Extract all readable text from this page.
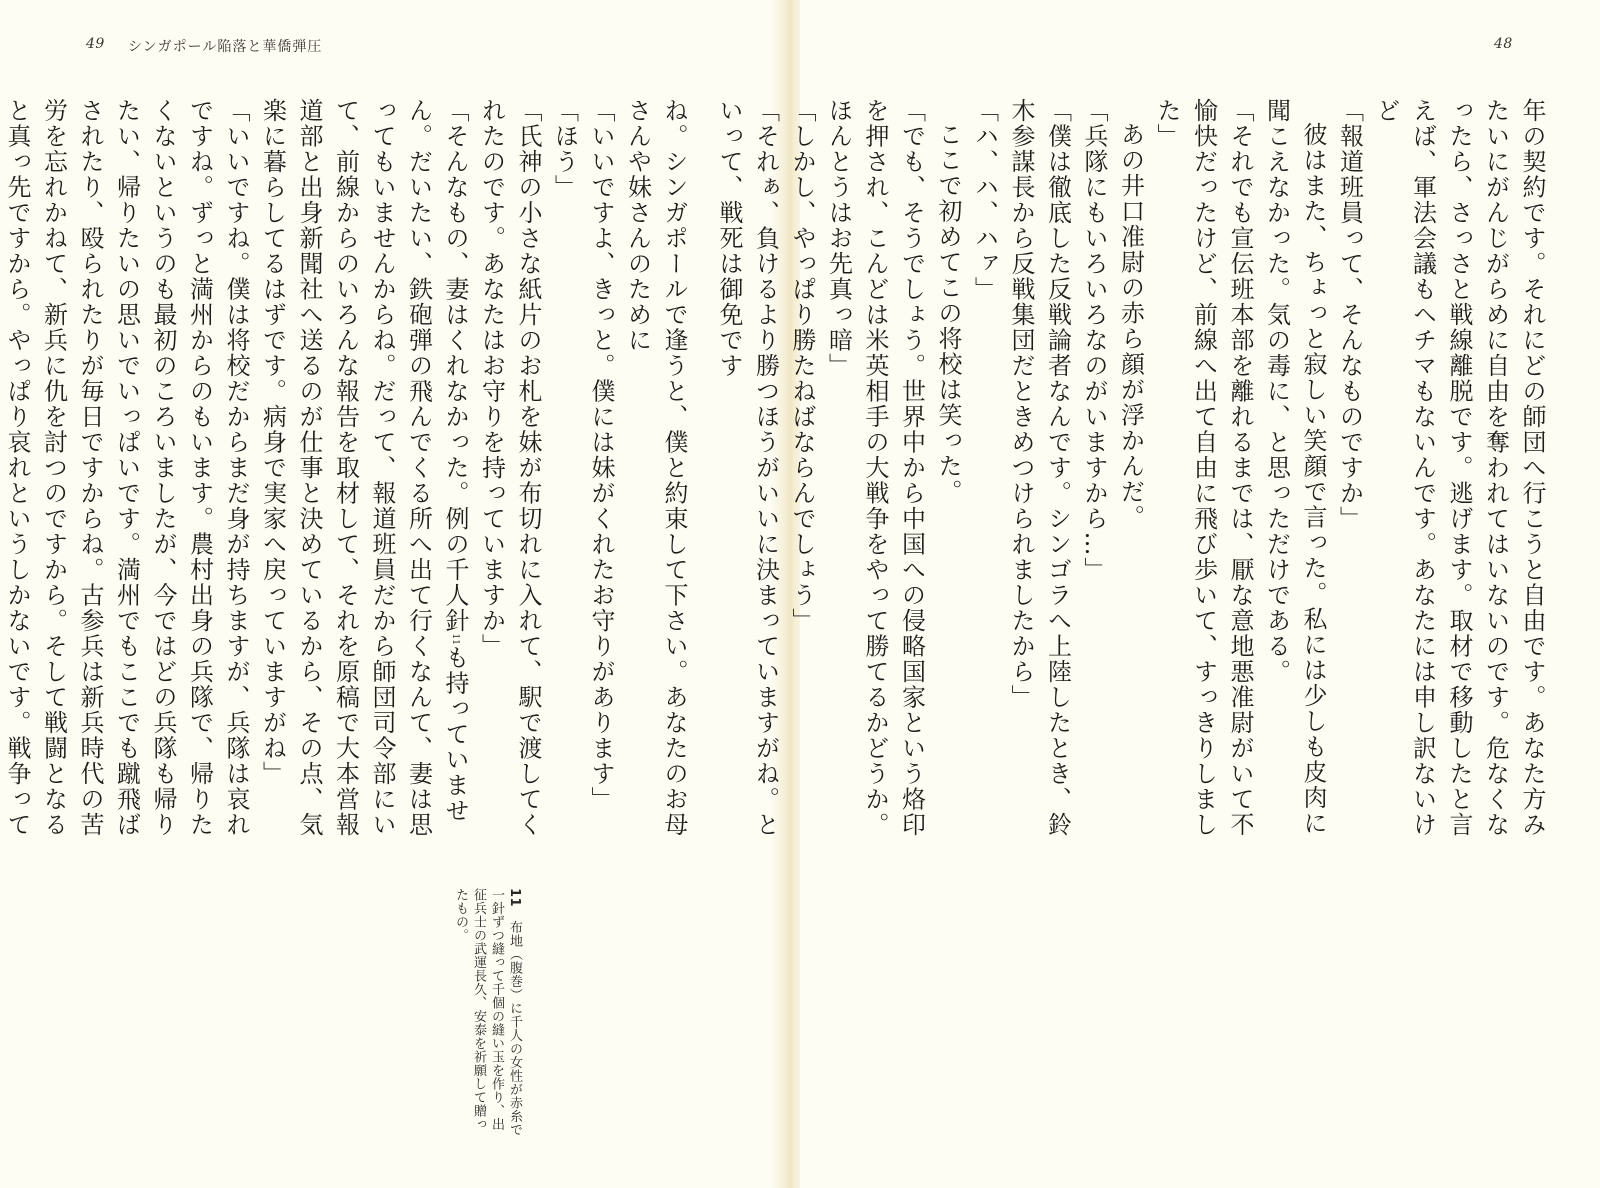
49 シンガポール陥落と華僑弾圧

ね。シンガポールで逢うと、僕と約束して下さい。あなたのお母さんや妹さんのために

「いいですよ、きっと。僕には妹がくれたお守りがあります」

「ほう」

「氏神の小さな紙片のお札を妹が布切れに入れて、駅で渡してくれたのです。あなたはお守りを持っていますか」

「そんなもの、妻はくれなかった。例の千人針11も持っていません。だいたい、鉄砲弾の飛んでくる所へ出て行くなんて、妻は思ってもいませんからね。だって、報道班員だから師団司令部にいて、前線からのいろんな報告を取材して、それを原稿で大本営報道部と出身新聞社へ送るのが仕事と決めているから、その点、気楽に暮らしてるはずです。病身で実家へ戻っていますがね」

「いいですね。僕は将校だからまだ身が持ちますが、兵隊は哀れですね。ずっと満州からのもいます。農村出身の兵隊で、帰りたくないというのも最初のころいましたが、今ではどの兵隊も帰りたい、帰りたいの思いでいっぱいです。満州でもここでも蹴飛ばされたり、殴られたりが毎日ですからね。古参兵は新兵時代の苦労を忘れかねて、新兵に仇を討つのですから。そして戦闘となると真っ先ですから。やっぱり哀れというしかないです。戦争って

11　布地（腹巻）に千人の女性が赤糸で一針ずつ縫って千個の縫い玉を作り、出征兵士の武運長久、安泰を祈願して贈ったもの。
48

年の契約です。それにどの師団へ行こうと自由です。あなた方みたいにがんじがらめに自由を奪われてはいないのです。危なくなったら、さっさと戦線離脱です。逃げます。取材で移動したと言えば、軍法会議もヘチマもないんです。あなたには申し訳ないけど

「報道班員って、そんなものですか」

彼はまた、ちょっと寂しい笑顔で言った。私には少しも皮肉に聞こえなかった。気の毒に、と思っただけである。

「それでも宣伝班本部を離れるまでは、厭な意地悪准尉がいて不愉快だったけど、前線へ出て自由に飛び歩いて、すっきりしました」

あの井口准尉の赤ら顔が浮かんだ。

「兵隊にもいろいろなのがいますから…」

「僕は徹底した反戦論者なんです。シンゴラへ上陸したとき、鈴木参謀長から反戦集団だときめつけられましたから」

「ハ、ハ、ハァ」

ここで初めてこの将校は笑った。

「でも、そうでしょう。世界中から中国への侵略国家という烙印を押され、こんどは米英相手の大戦争をやって勝てるかどうか。ほんとうはお先真っ暗」

「しかし、やっぱり勝たねばならんでしょう」

「それぁ、負けるより勝つほうがいいに決まっていますがね。といって、戦死は御免です
